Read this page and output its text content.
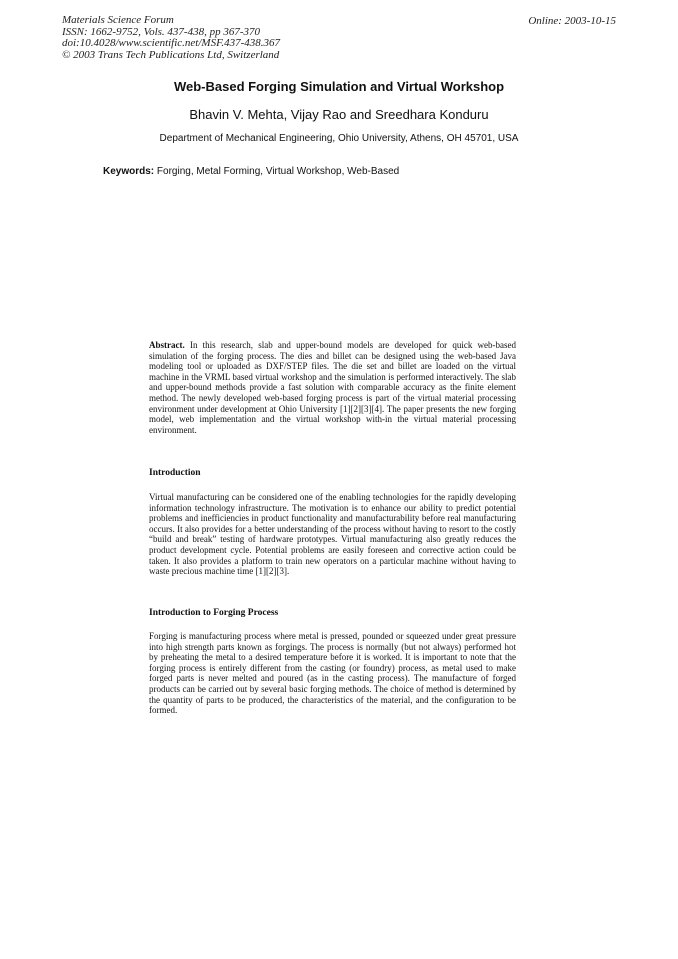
Materials Science Forum
ISSN: 1662-9752, Vols. 437-438, pp 367-370
doi:10.4028/www.scientific.net/MSF.437-438.367
© 2003 Trans Tech Publications Ltd, Switzerland
Online: 2003-10-15
Web-Based Forging Simulation and Virtual Workshop
Bhavin V. Mehta, Vijay Rao and Sreedhara Konduru
Department of Mechanical Engineering, Ohio University, Athens, OH 45701, USA
Keywords: Forging, Metal Forming, Virtual Workshop, Web-Based
Abstract. In this research, slab and upper-bound models are developed for quick web-based simulation of the forging process. The dies and billet can be designed using the web-based Java modeling tool or uploaded as DXF/STEP files. The die set and billet are loaded on the virtual machine in the VRML based virtual workshop and the simulation is performed interactively. The slab and upper-bound methods provide a fast solution with comparable accuracy as the finite element method. The newly developed web-based forging process is part of the virtual material processing environment under development at Ohio University [1][2][3][4]. The paper presents the new forging model, web implementation and the virtual workshop with-in the virtual material processing environment.
Introduction
Virtual manufacturing can be considered one of the enabling technologies for the rapidly developing information technology infrastructure. The motivation is to enhance our ability to predict potential problems and inefficiencies in product functionality and manufacturability before real manufacturing occurs. It also provides for a better understanding of the process without having to resort to the costly “build and break” testing of hardware prototypes. Virtual manufacturing also greatly reduces the product development cycle. Potential problems are easily foreseen and corrective action could be taken. It also provides a platform to train new operators on a particular machine without having to waste precious machine time [1][2][3].
Introduction to Forging Process
Forging is manufacturing process where metal is pressed, pounded or squeezed under great pressure into high strength parts known as forgings. The process is normally (but not always) performed hot by preheating the metal to a desired temperature before it is worked. It is important to note that the forging process is entirely different from the casting (or foundry) process, as metal used to make forged parts is never melted and poured (as in the casting process). The manufacture of forged products can be carried out by several basic forging methods. The choice of method is determined by the quantity of parts to be produced, the characteristics of the material, and the configuration to be formed.
